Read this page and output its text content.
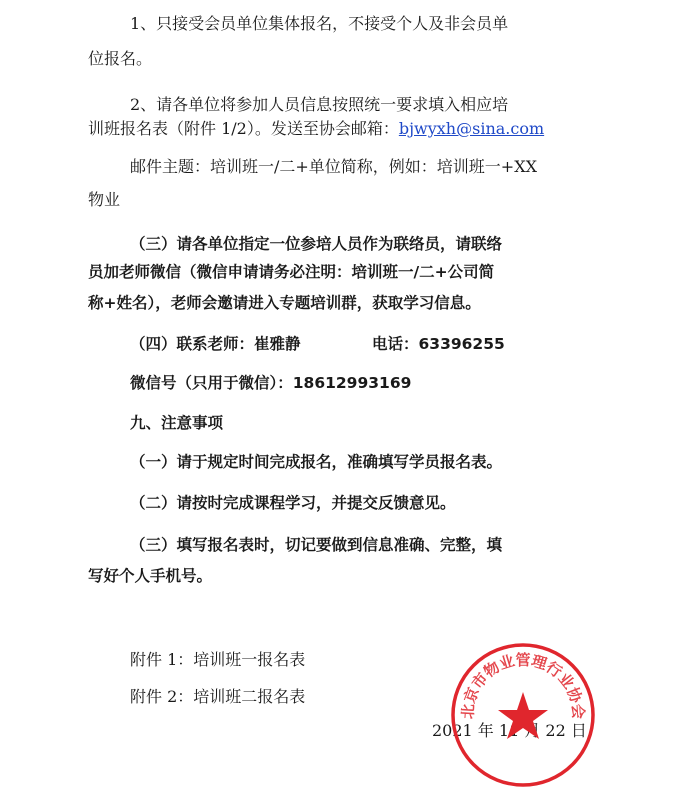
1、只接受会员单位集体报名，不接受个人及非会员单
位报名。
2、请各单位将参加人员信息按照统一要求填入相应培
训班报名表（附件 1/2）。发送至协会邮箱：bjwyxh@sina.com
邮件主题：培训班一/二+单位简称，例如：培训班一+XX
物业
（三）请各单位指定一位参培人员作为联络员，请联络
员加老师微信（微信申请请务必注明：培训班一/二+公司简
称+姓名），老师会邀请进入专题培训群，获取学习信息。
（四）联系老师：崔雅静	电话：63396255
微信号（只用于微信）：18612993169
九、注意事项
（一）请于规定时间完成报名，准确填写学员报名表。
（二）请按时完成课程学习，并提交反馈意见。
（三）填写报名表时，切记要做到信息准确、完整，填
写好个人手机号。
附件 1：培训班一报名表
附件 2：培训班二报名表
2021 年 11 月 22 日
北京市物业管理行业协会
